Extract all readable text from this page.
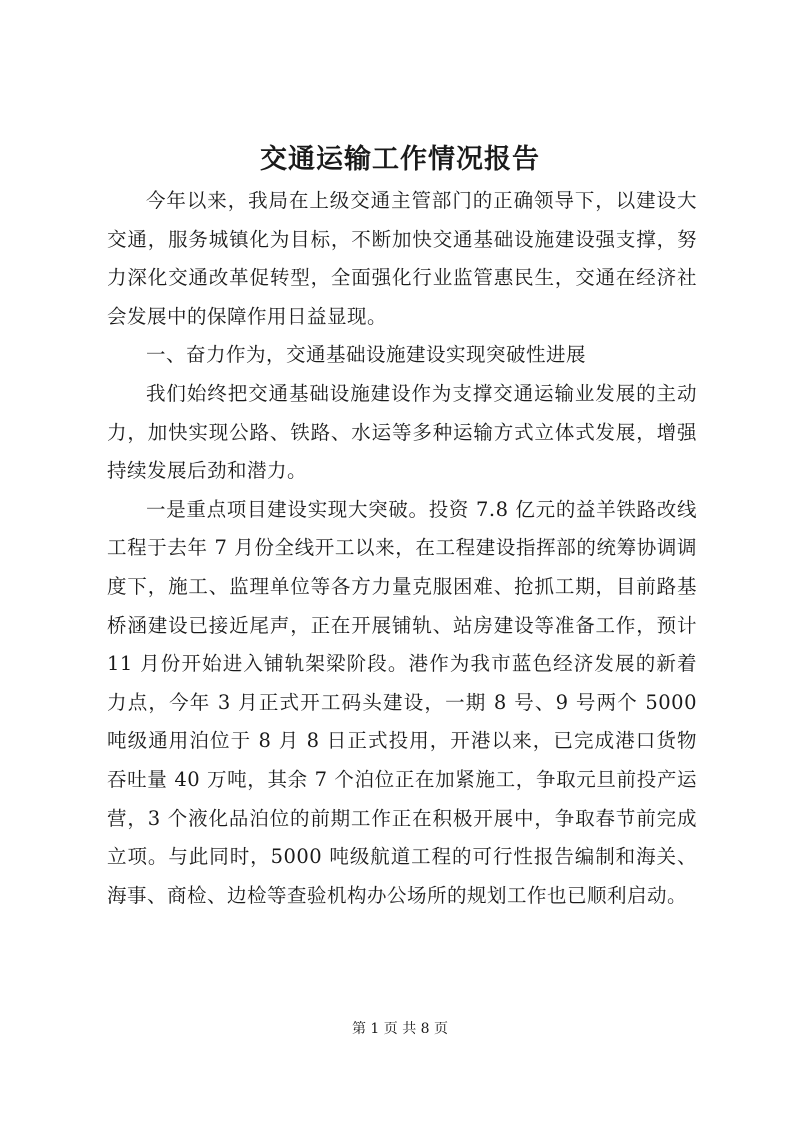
交通运输工作情况报告

今年以来，我局在上级交通主管部门的正确领导下，以建设大交通，服务城镇化为目标，不断加快交通基础设施建设强支撑，努力深化交通改革促转型，全面强化行业监管惠民生，交通在经济社会发展中的保障作用日益显现。

一、奋力作为，交通基础设施建设实现突破性进展

我们始终把交通基础设施建设作为支撑交通运输业发展的主动力，加快实现公路、铁路、水运等多种运输方式立体式发展，增强持续发展后劲和潜力。

一是重点项目建设实现大突破。投资 7.8 亿元的益羊铁路改线工程于去年 7 月份全线开工以来，在工程建设指挥部的统筹协调调度下，施工、监理单位等各方力量克服困难、抢抓工期，目前路基桥涵建设已接近尾声，正在开展铺轨、站房建设等准备工作，预计 11 月份开始进入铺轨架梁阶段。港作为我市蓝色经济发展的新着力点，今年 3 月正式开工码头建设，一期 8 号、9 号两个 5000 吨级通用泊位于 8 月 8 日正式投用，开港以来，已完成港口货物吞吐量 40 万吨，其余 7 个泊位正在加紧施工，争取元旦前投产运营，3 个液化品泊位的前期工作正在积极开展中，争取春节前完成立项。与此同时，5000 吨级航道工程的可行性报告编制和海关、海事、商检、边检等查验机构办公场所的规划工作也已顺利启动。

第 1 页 共 8 页
